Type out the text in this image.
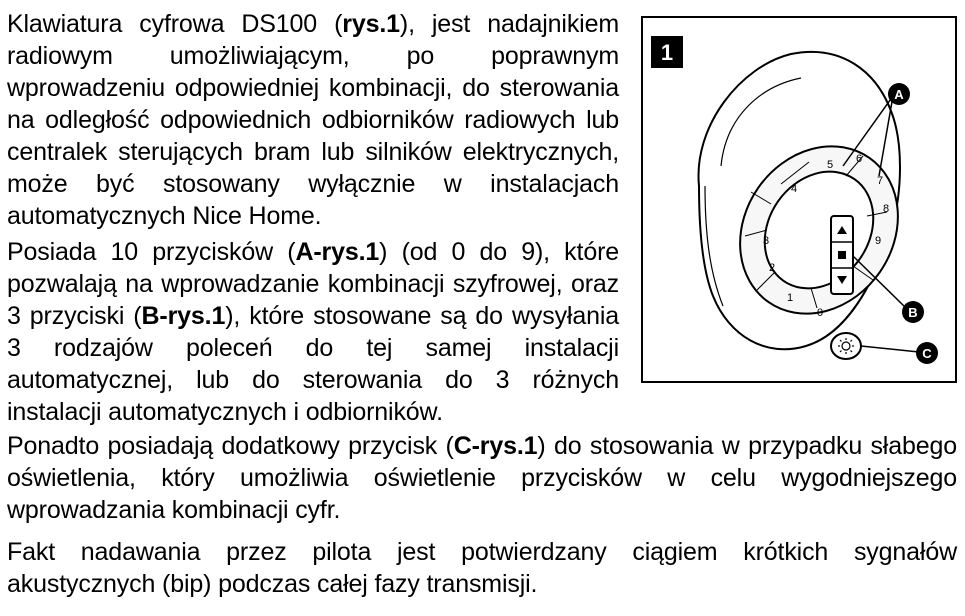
Klawiatura cyfrowa DS100 (rys.1), jest nadajnikiem radiowym umożliwiającym, po poprawnym wprowadzeniu odpowiedniej kombinacji, do sterowania na odległość odpowiednich odbiorników radiowych lub centralek sterujących bram lub silników elektrycznych, może być stosowany wyłącznie w instalacjach automatycznych Nice Home.

Posiada 10 przycisków (A-rys.1) (od 0 do 9), które pozwalają na wprowadzanie kombinacji szyfrowej, oraz 3 przyciski (B-rys.1), które stosowane są do wysyłania 3 rodzajów poleceń do tej samej instalacji automatycznej, lub do sterowania do 3 różnych instalacji automatycznych i odbiorników.

Ponadto posiadają dodatkowy przycisk (C-rys.1) do stosowania w przypadku słabego oświetlenia, który umożliwia oświetlenie przycisków w celu wygodniejszego wprowadzania kombinacji cyfr.

Fakt nadawania przez pilota jest potwierdzany ciągiem krótkich sygnałów akustycznych (bip) podczas całej fazy transmisji.

1
0
1
2
3
4
5 6
7
8
9
A
B
C
